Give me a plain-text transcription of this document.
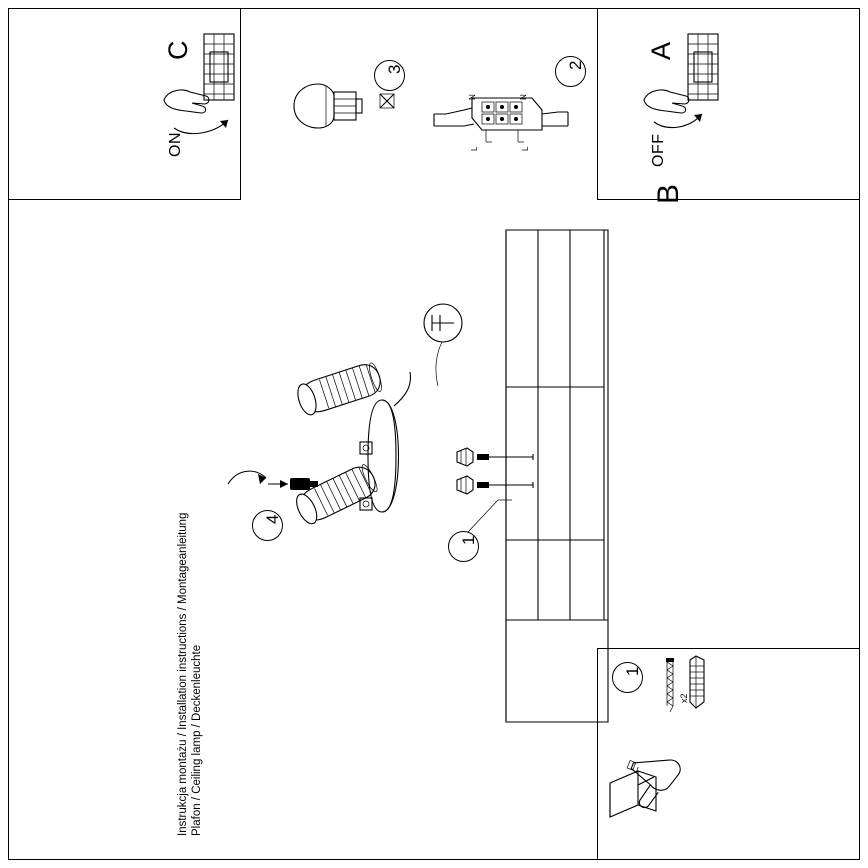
A
OFF
C
ON
3	2
N	N
L	L
B
1
4
1
x2
Instrukcja montażu / Installation instructions / Montageanleitung Plafon / Ceiling lamp / Deckenleuchte
